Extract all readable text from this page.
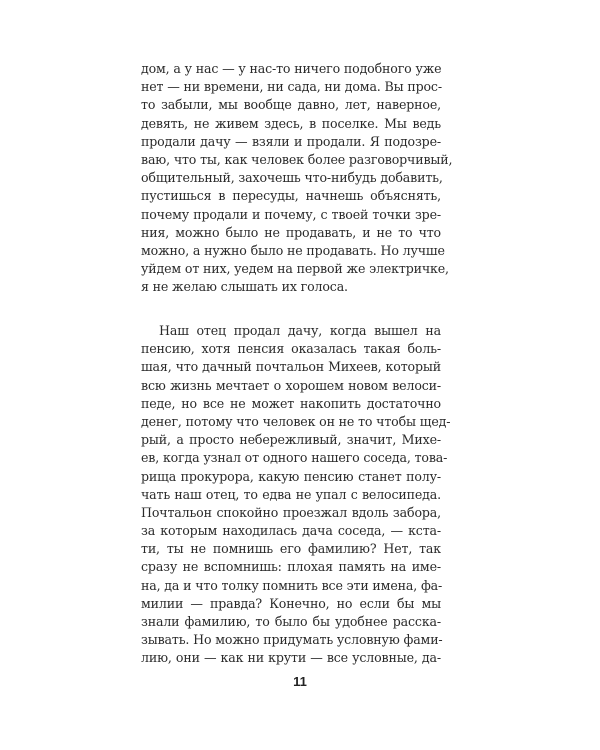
дом, а у нас — у нас-то ничего подобного уже
нет — ни времени, ни сада, ни дома. Вы прос-
то забыли, мы вообще давно, лет, наверное,
девять, не живем здесь, в поселке. Мы ведь
продали дачу — взяли и продали. Я подозре-
ваю, что ты, как человек более разговорчивый,
общительный, захочешь что-нибудь добавить,
пустишься в пересуды, начнешь объяснять,
почему продали и почему, с твоей точки зре-
ния, можно было не продавать, и не то что
можно, а нужно было не продавать. Но лучше
уйдем от них, уедем на первой же электричке,
я не желаю слышать их голоса.
Наш отец продал дачу, когда вышел на
пенсию, хотя пенсия оказалась такая боль-
шая, что дачный почтальон Михеев, который
всю жизнь мечтает о хорошем новом велоси-
педе, но все не может накопить достаточно
денег, потому что человек он не то чтобы щед-
рый, а просто небережливый, значит, Михе-
ев, когда узнал от одного нашего соседа, това-
рища прокурора, какую пенсию станет полу-
чать наш отец, то едва не упал с велосипеда.
Почтальон спокойно проезжал вдоль забора,
за которым находилась дача соседа, — кста-
ти, ты не помнишь его фамилию? Нет, так
сразу не вспомнишь: плохая память на име-
на, да и что толку помнить все эти имена, фа-
милии — правда? Конечно, но если бы мы
знали фамилию, то было бы удобнее расска-
зывать. Но можно придумать условную фами-
лию, они — как ни крути — все условные, да-
11
